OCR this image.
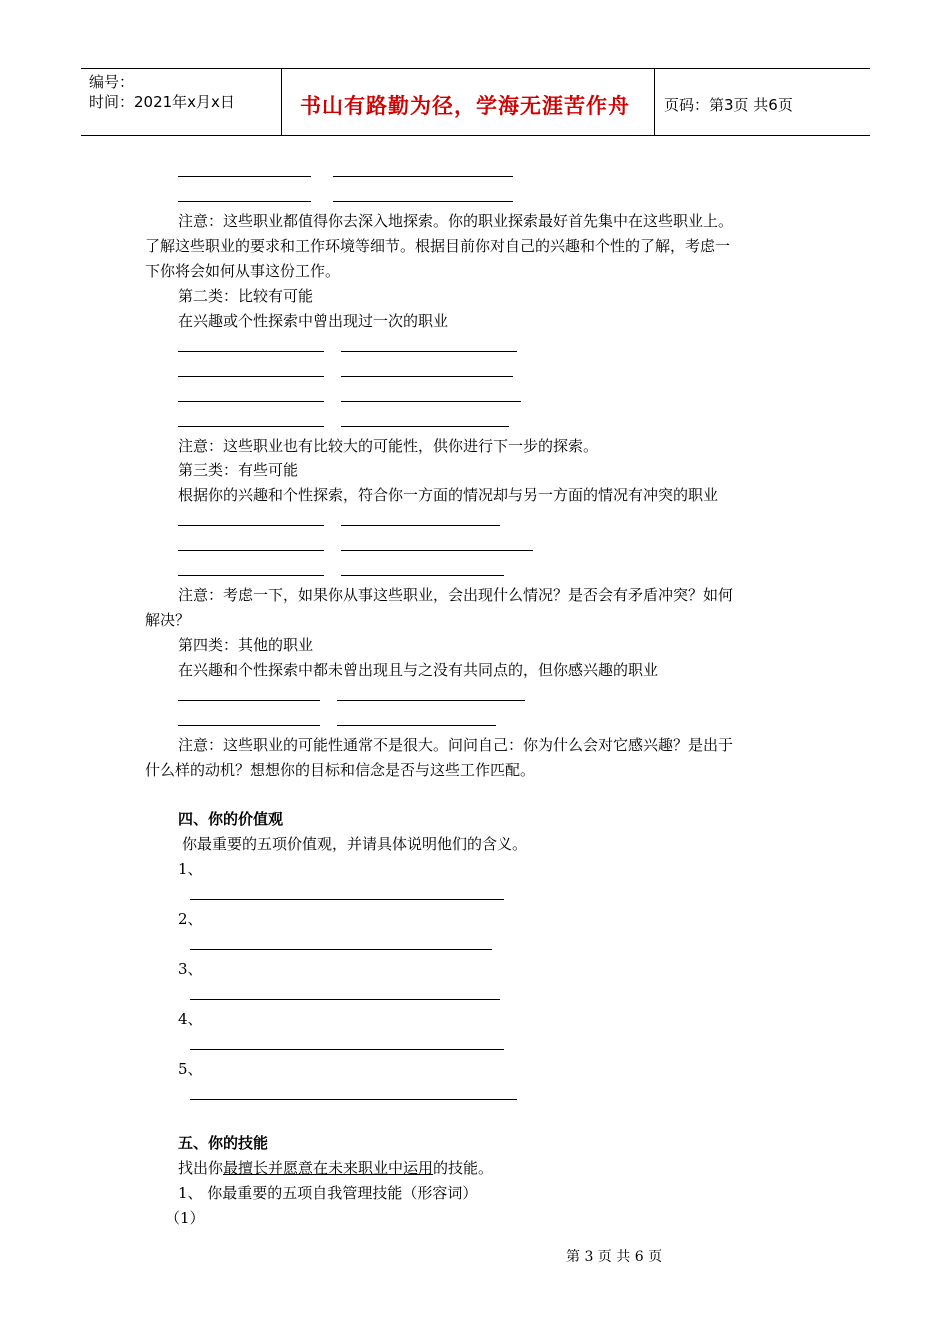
编号：
时间：2021年x月x日	书山有路勤为径，学海无涯苦作舟 页码：第3页 共6页
注意：这些职业都值得你去深入地探索。你的职业探索最好首先集中在这些职业上。
了解这些职业的要求和工作环境等细节。根据目前你对自己的兴趣和个性的了解，考虑一
下你将会如何从事这份工作。
第二类：比较有可能
在兴趣或个性探索中曾出现过一次的职业
注意：这些职业也有比较大的可能性，供你进行下一步的探索。
第三类：有些可能
根据你的兴趣和个性探索，符合你一方面的情况却与另一方面的情况有冲突的职业
注意：考虑一下，如果你从事这些职业，会出现什么情况？是否会有矛盾冲突？如何
解决？
第四类：其他的职业
在兴趣和个性探索中都未曾出现且与之没有共同点的，但你感兴趣的职业
注意：这些职业的可能性通常不是很大。问问自己：你为什么会对它感兴趣？是出于
什么样的动机？想想你的目标和信念是否与这些工作匹配。
四、你的价值观
你最重要的五项价值观，并请具体说明他们的含义。
1、
2、
3、
4、
5、
五、你的技能
找出你最擅长并愿意在未来职业中运用的技能。
1、 你最重要的五项自我管理技能（形容词）
（1）
第 3 页 共 6 页
